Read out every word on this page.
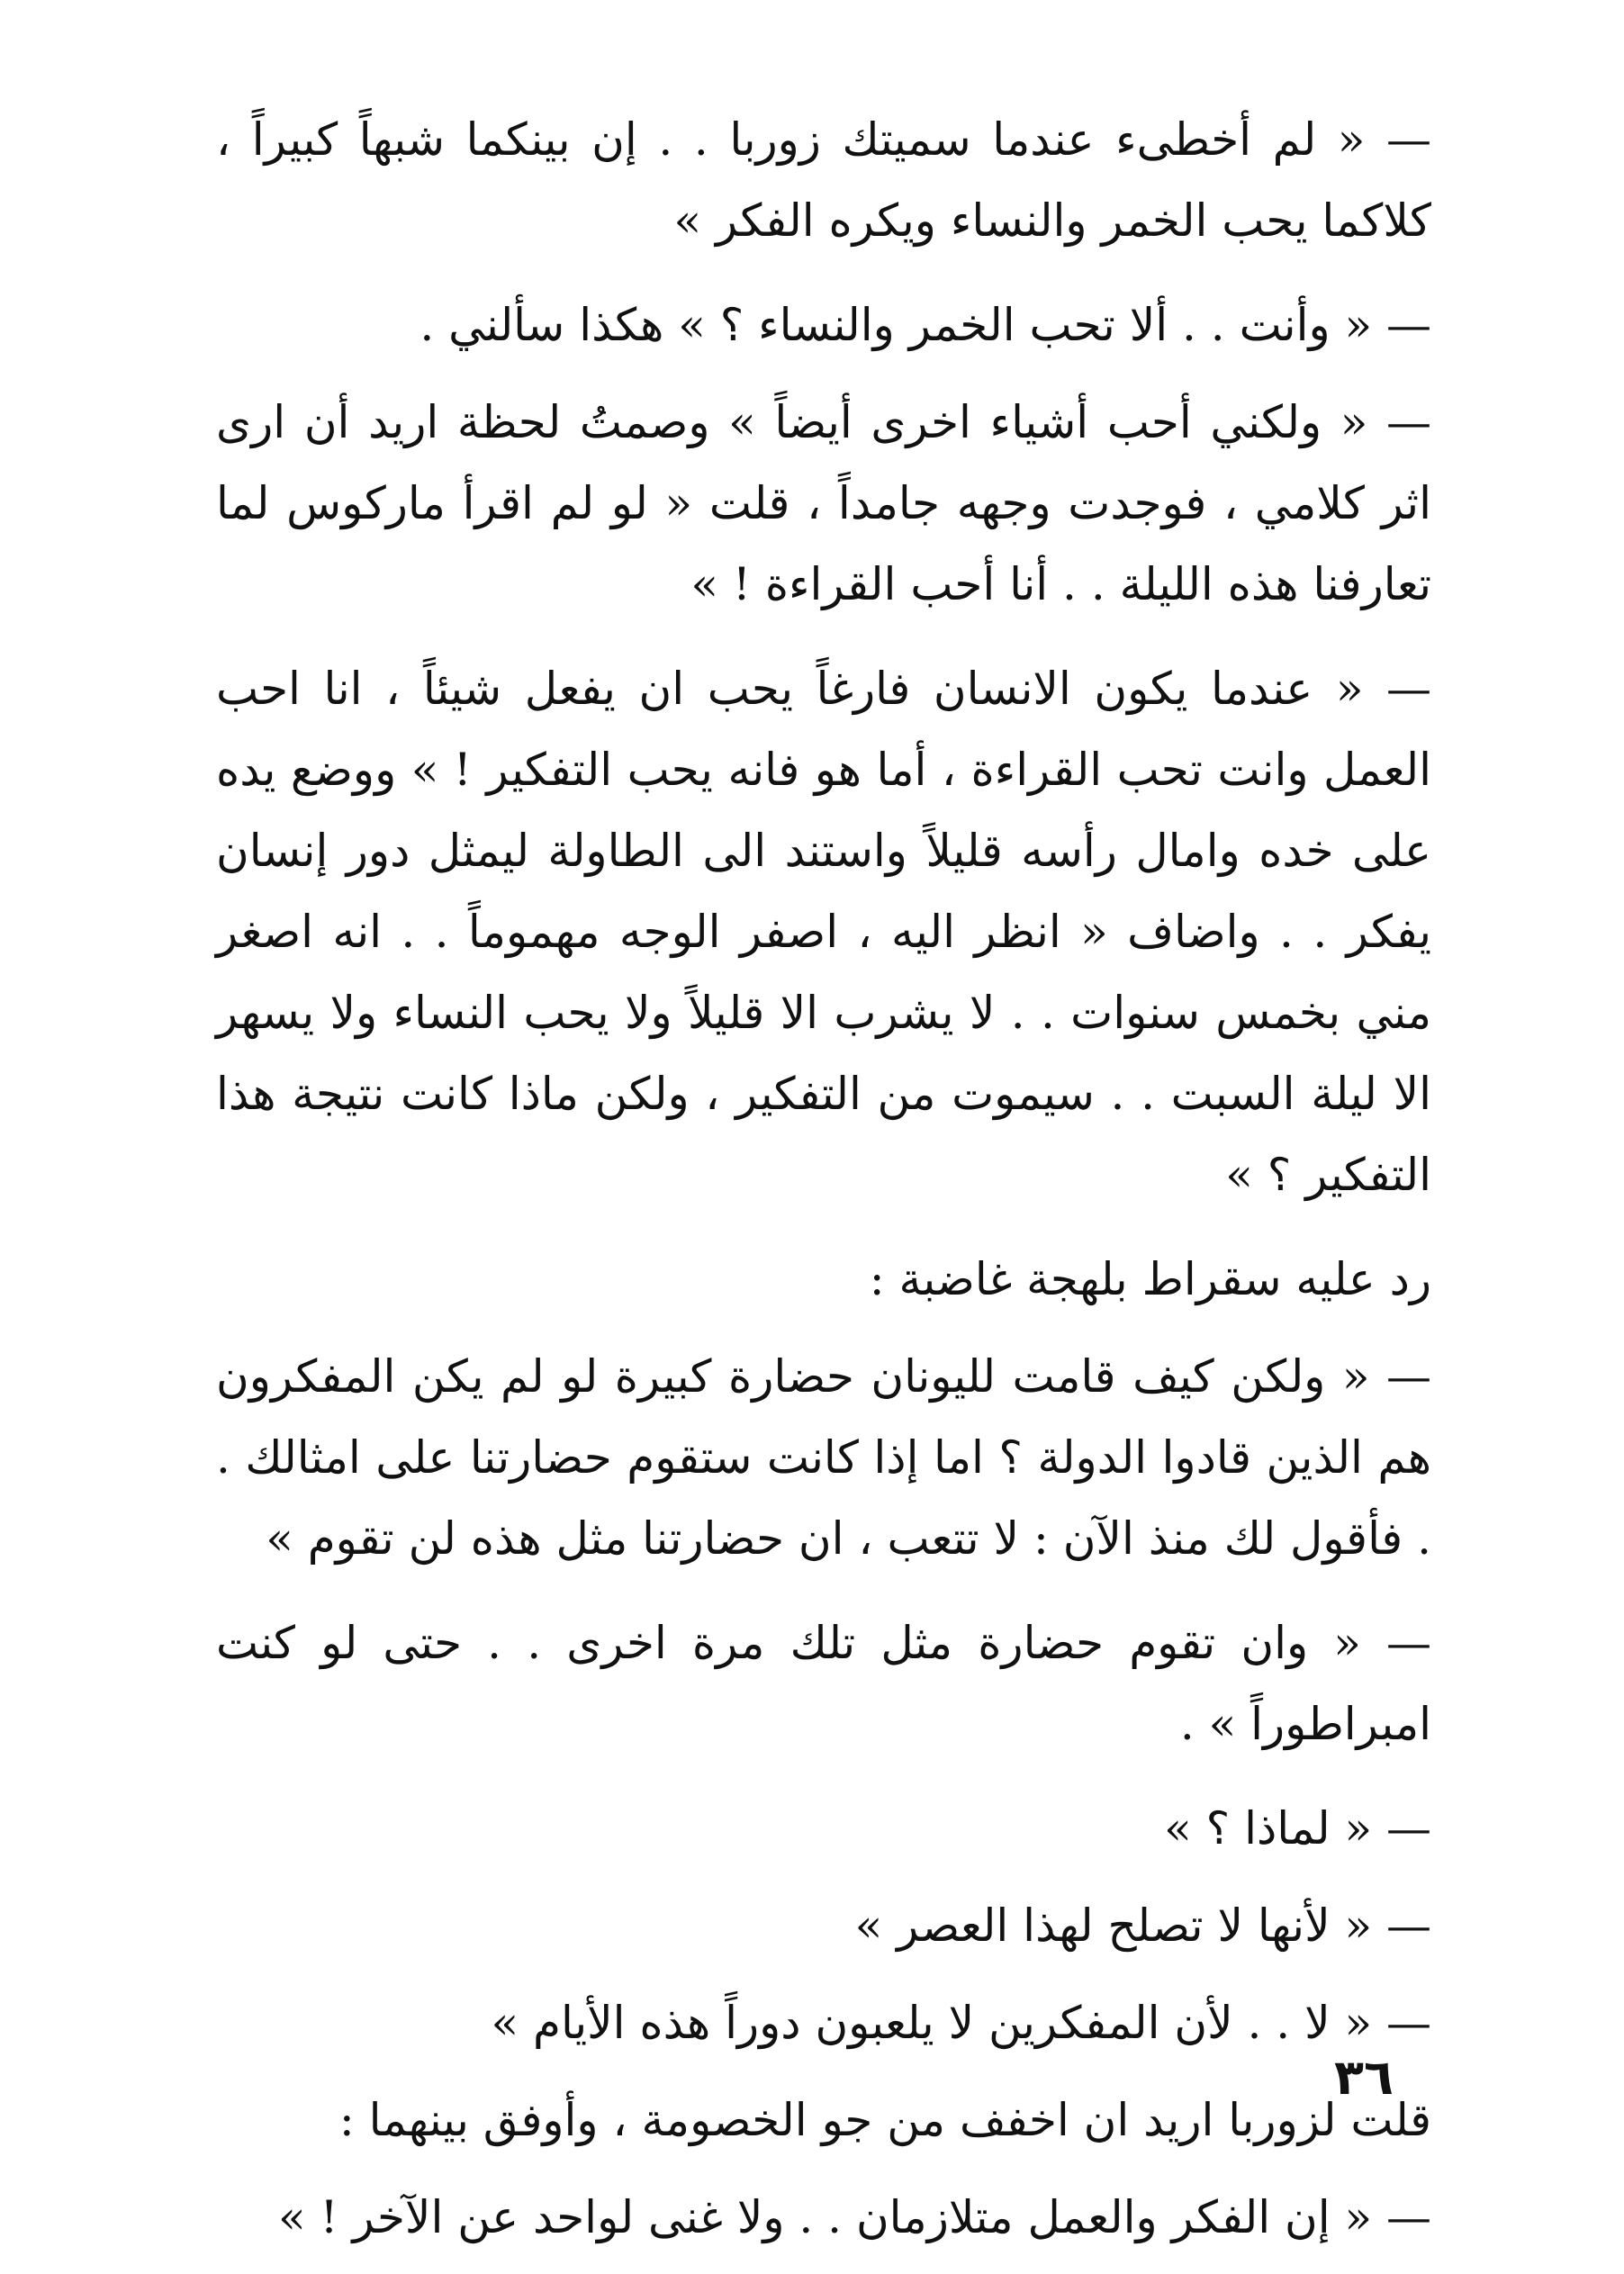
— « لم أخطىء عندما سميتك زوربا . . إن بينكما شبهاً كبيراً ، كلاكما يحب الخمر والنساء ويكره الفكر »

— « وأنت . . ألا تحب الخمر والنساء ؟ » هكذا سألني .

— « ولكني أحب أشياء اخرى أيضاً » وصمتُ لحظة اريد أن ارى اثر كلامي ، فوجدت وجهه جامداً ، قلت « لو لم اقرأ ماركوس لما تعارفنا هذه الليلة . . أنا أحب القراءة ! »

— « عندما يكون الانسان فارغاً يحب ان يفعل شيئاً ، انا احب العمل وانت تحب القراءة ، أما هو فانه يحب التفكير ! » ووضع يده على خده وامال رأسه قليلاً واستند الى الطاولة ليمثل دور إنسان يفكر . . واضاف « انظر اليه ، اصفر الوجه مهموماً . . انه اصغر مني بخمس سنوات . . لا يشرب الا قليلاً ولا يحب النساء ولا يسهر الا ليلة السبت . . سيموت من التفكير ، ولكن ماذا كانت نتيجة هذا التفكير ؟ »

رد عليه سقراط بلهجة غاضبة :

— « ولكن كيف قامت لليونان حضارة كبيرة لو لم يكن المفكرون هم الذين قادوا الدولة ؟ اما إذا كانت ستقوم حضارتنا على امثالك . . فأقول لك منذ الآن : لا تتعب ، ان حضارتنا مثل هذه لن تقوم »

— « وان تقوم حضارة مثل تلك مرة اخرى . . حتى لو كنت امبراطوراً » .

— « لماذا ؟ »

— « لأنها لا تصلح لهذا العصر »

— « لا . . لأن المفكرين لا يلعبون دوراً هذه الأيام »

قلت لزوربا اريد ان اخفف من جو الخصومة ، وأوفق بينهما :

— « إن الفكر والعمل متلازمان . . ولا غنى لواحد عن الآخر ! »

٣٦
